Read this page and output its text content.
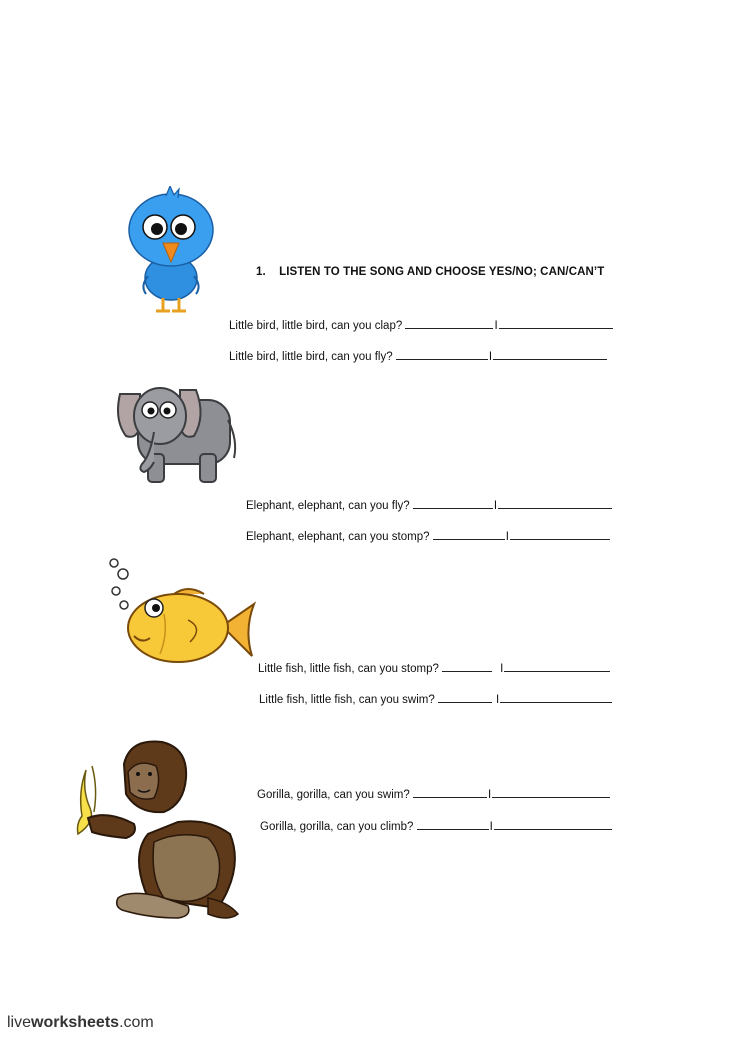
1. LISTEN TO THE SONG AND CHOOSE YES/NO; CAN/CAN’T
Little bird, little bird, can you clap?	I
Little bird, little bird, can you fly?	I
Elephant, elephant, can you fly?	I
Elephant, elephant, can you stomp?	I
Little fish, little fish, can you stomp?	I
Little fish, little fish, can you swim?	I
Gorilla, gorilla, can you swim?	I
Gorilla, gorilla, can you climb?	I
liveworksheets.com
